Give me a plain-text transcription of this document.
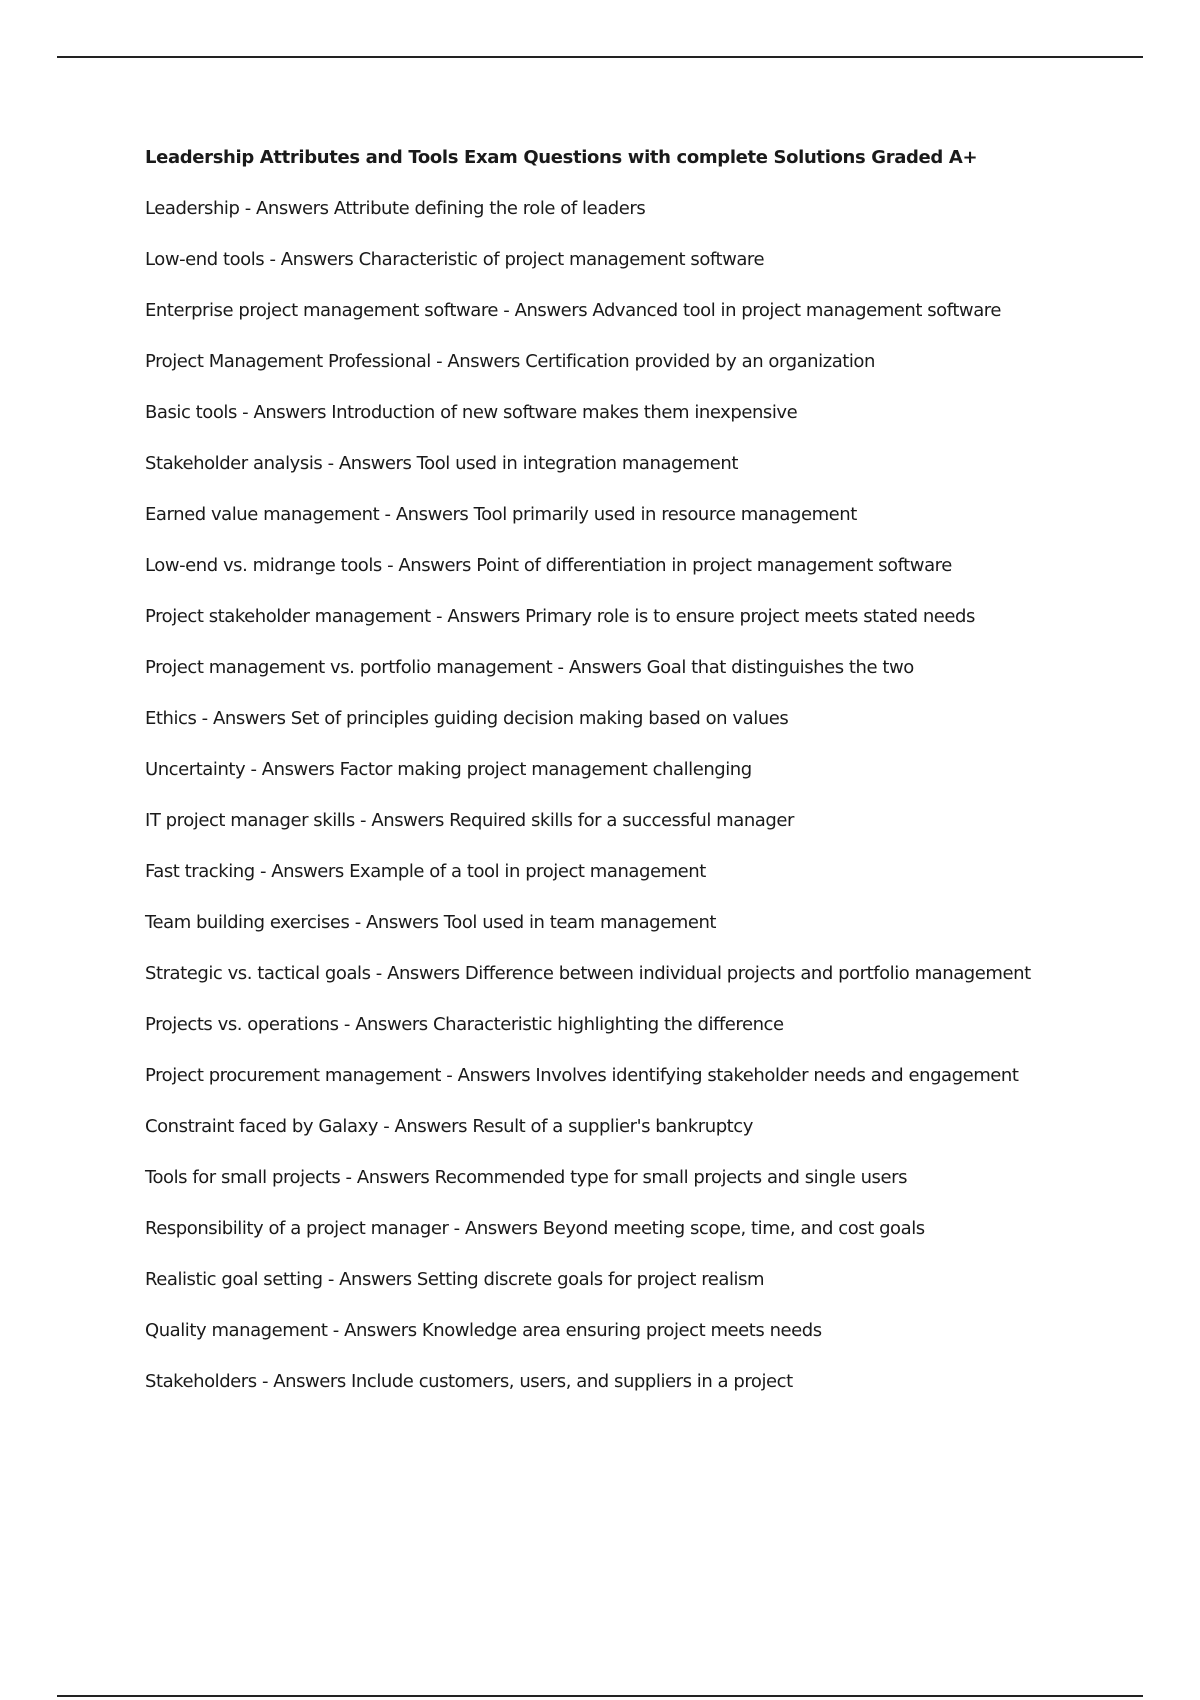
Leadership Attributes and Tools Exam Questions with complete Solutions Graded A+
Leadership - Answers Attribute defining the role of leaders
Low-end tools - Answers Characteristic of project management software
Enterprise project management software - Answers Advanced tool in project management software
Project Management Professional - Answers Certification provided by an organization
Basic tools - Answers Introduction of new software makes them inexpensive
Stakeholder analysis - Answers Tool used in integration management
Earned value management - Answers Tool primarily used in resource management
Low-end vs. midrange tools - Answers Point of differentiation in project management software
Project stakeholder management - Answers Primary role is to ensure project meets stated needs
Project management vs. portfolio management - Answers Goal that distinguishes the two
Ethics - Answers Set of principles guiding decision making based on values
Uncertainty - Answers Factor making project management challenging
IT project manager skills - Answers Required skills for a successful manager
Fast tracking - Answers Example of a tool in project management
Team building exercises - Answers Tool used in team management
Strategic vs. tactical goals - Answers Difference between individual projects and portfolio management
Projects vs. operations - Answers Characteristic highlighting the difference
Project procurement management - Answers Involves identifying stakeholder needs and engagement
Constraint faced by Galaxy - Answers Result of a supplier's bankruptcy
Tools for small projects - Answers Recommended type for small projects and single users
Responsibility of a project manager - Answers Beyond meeting scope, time, and cost goals
Realistic goal setting - Answers Setting discrete goals for project realism
Quality management - Answers Knowledge area ensuring project meets needs
Stakeholders - Answers Include customers, users, and suppliers in a project
